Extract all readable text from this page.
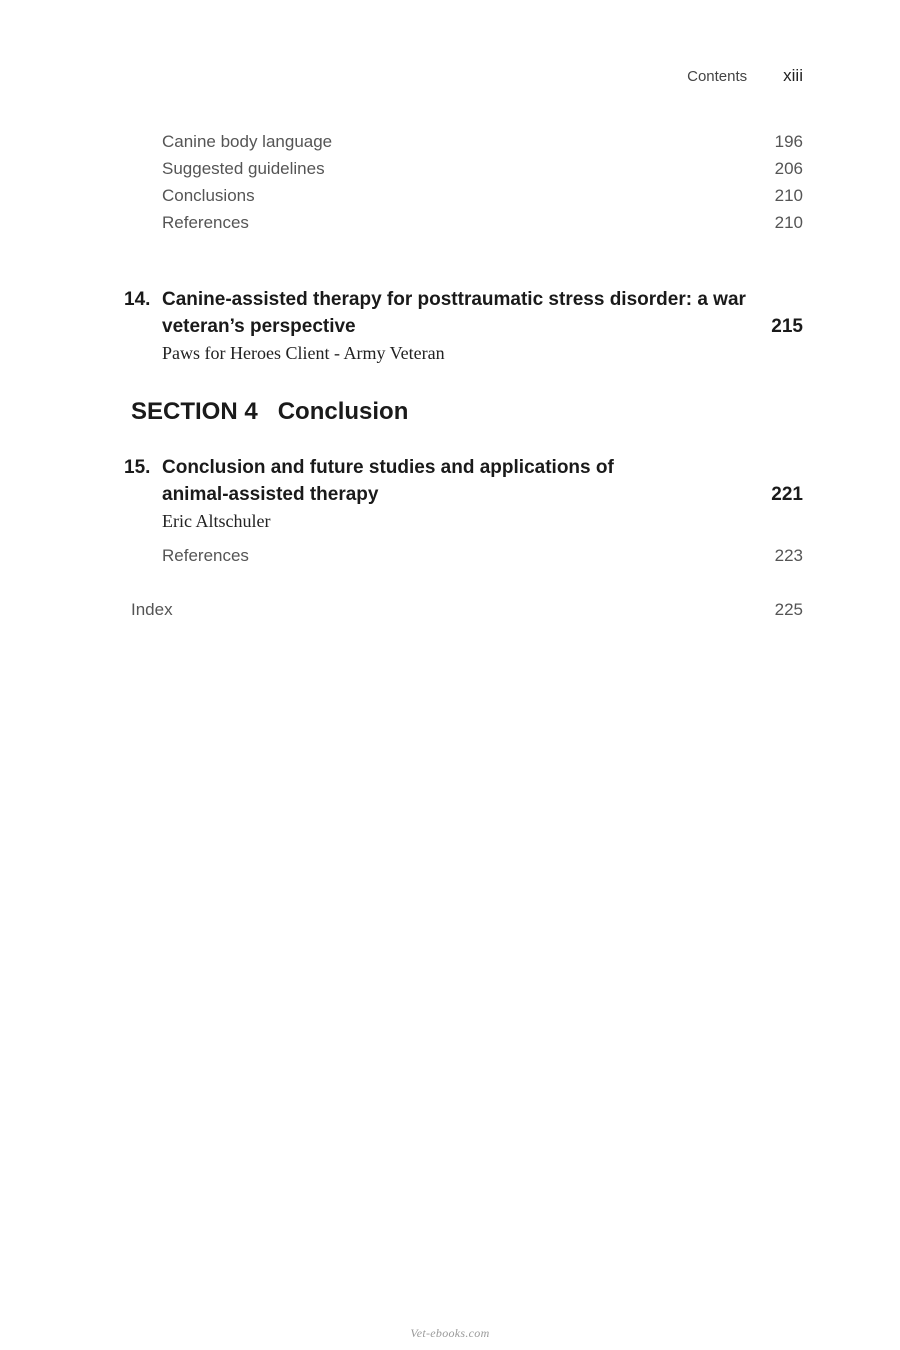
Contents xiii
Canine body language	196
Suggested guidelines	206
Conclusions	210
References	210
14. Canine-assisted therapy for posttraumatic stress disorder: a war
veteran’s perspective	215
Paws for Heroes Client - Army Veteran
SECTION 4 Conclusion
15. Conclusion and future studies and applications of
animal-assisted therapy	221
Eric Altschuler
References	223
Index	225
Vet-ebooks.com
